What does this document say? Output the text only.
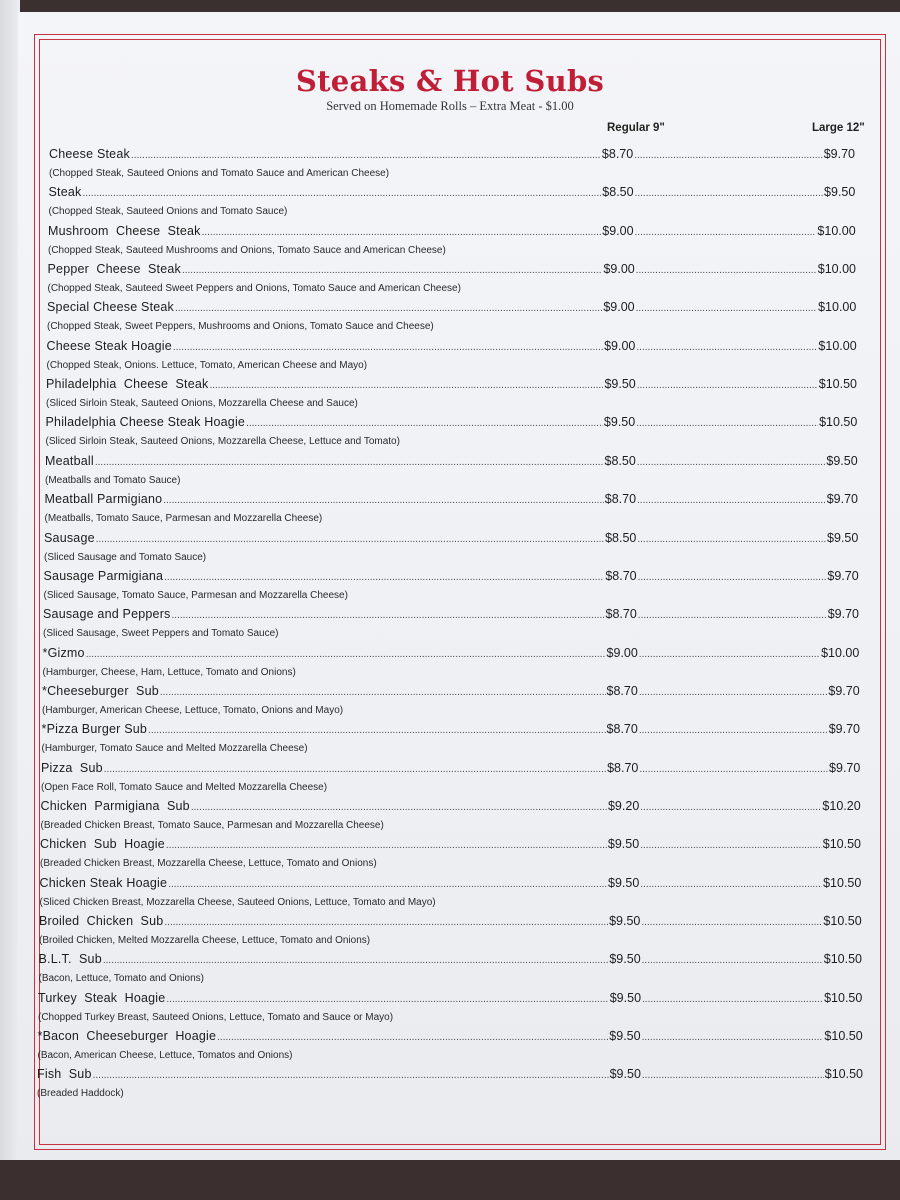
Steaks & Hot Subs
Served on Homemade Rolls – Extra Meat - $1.00
Regular 9"	Large 12"
Cheese Steak .....	$8.70 .....	$9.70
(Chopped Steak, Sauteed Onions and Tomato Sauce and American Cheese)
Steak .....	$8.50 .....	$9.50
(Chopped Steak, Sauteed Onions and Tomato Sauce)
Mushroom  Cheese  Steak .....	$9.00 .....	$10.00
(Chopped Steak, Sauteed Mushrooms and Onions, Tomato Sauce and American Cheese)
Pepper  Cheese  Steak .....	$9.00 .....	$10.00
(Chopped Steak, Sauteed Sweet Peppers and Onions, Tomato Sauce and American Cheese)
Special Cheese Steak .....	$9.00 .....	$10.00
(Chopped Steak, Sweet Peppers, Mushrooms and Onions, Tomato Sauce and Cheese)
Cheese Steak Hoagie .....	$9.00 .....	$10.00
(Chopped Steak, Onions. Lettuce, Tomato, American Cheese and Mayo)
Philadelphia  Cheese  Steak .....	$9.50 .....	$10.50
(Sliced Sirloin Steak, Sauteed Onions, Mozzarella Cheese and Sauce)
Philadelphia Cheese Steak Hoagie .....	$9.50 .....	$10.50
(Sliced Sirloin Steak, Sauteed Onions, Mozzarella Cheese, Lettuce and Tomato)
Meatball .....	$8.50 .....	$9.50
(Meatballs and Tomato Sauce)
Meatball Parmigiano .....	$8.70 .....	$9.70
(Meatballs, Tomato Sauce, Parmesan and Mozzarella Cheese)
Sausage .....	$8.50 .....	$9.50
(Sliced Sausage and Tomato Sauce)
Sausage Parmigiana .....	$8.70 .....	$9.70
(Sliced Sausage, Tomato Sauce, Parmesan and Mozzarella Cheese)
Sausage and Peppers .....	$8.70 .....	$9.70
(Sliced Sausage, Sweet Peppers and Tomato Sauce)
*Gizmo .....	$9.00 .....	$10.00
(Hamburger, Cheese, Ham, Lettuce, Tomato and Onions)
*Cheeseburger  Sub .....	$8.70 .....	$9.70
(Hamburger, American Cheese, Lettuce, Tomato, Onions and Mayo)
*Pizza Burger Sub .....	$8.70 .....	$9.70
(Hamburger, Tomato Sauce and Melted Mozzarella Cheese)
Pizza  Sub .....	$8.70 .....	$9.70
(Open Face Roll, Tomato Sauce and Melted Mozzarella Cheese)
Chicken  Parmigiana  Sub .....	$9.20 .....	$10.20
(Breaded Chicken Breast, Tomato Sauce, Parmesan and Mozzarella Cheese)
Chicken  Sub  Hoagie .....	$9.50 .....	$10.50
(Breaded Chicken Breast, Mozzarella Cheese, Lettuce, Tomato and Onions)
Chicken Steak Hoagie .....	$9.50 .....	$10.50
(Sliced Chicken Breast, Mozzarella Cheese, Sauteed Onions, Lettuce, Tomato and Mayo)
Broiled  Chicken  Sub .....	$9.50 .....	$10.50
(Broiled Chicken, Melted Mozzarella Cheese, Lettuce, Tomato and Onions)
B.L.T.  Sub .....	$9.50 .....	$10.50
(Bacon, Lettuce, Tomato and Onions)
Turkey  Steak  Hoagie .....	$9.50 .....	$10.50
(Chopped Turkey Breast, Sauteed Onions, Lettuce, Tomato and Sauce or Mayo)
*Bacon  Cheeseburger  Hoagie .....	$9.50 .....	$10.50
(Bacon, American Cheese, Lettuce, Tomatos and Onions)
Fish  Sub .....	$9.50 .....	$10.50
(Breaded Haddock)
